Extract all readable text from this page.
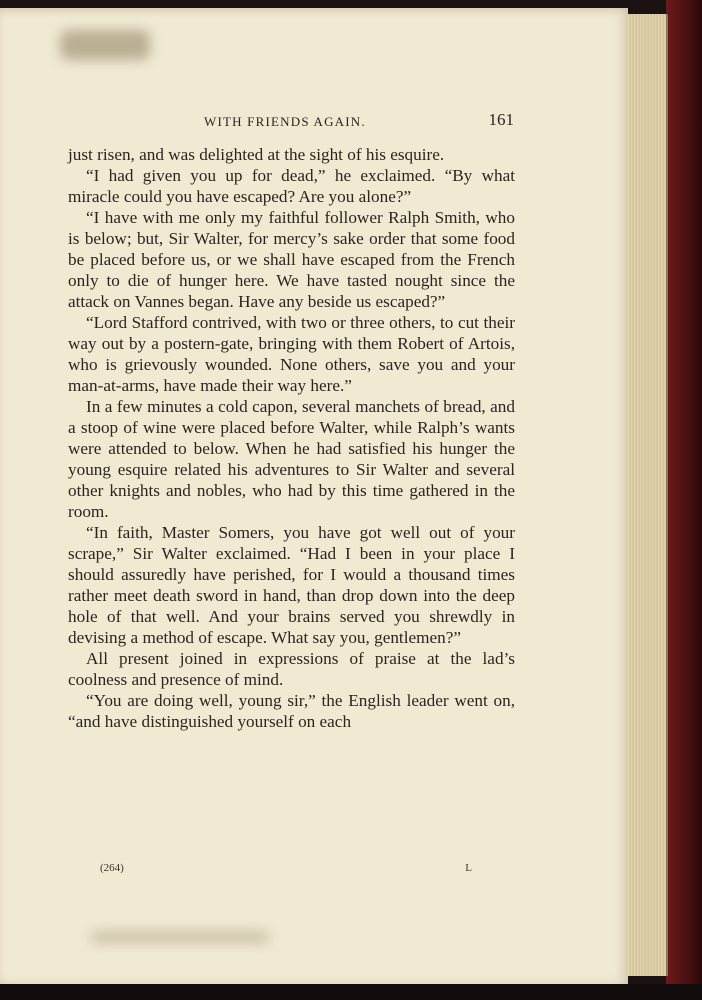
WITH FRIENDS AGAIN.	161

just risen, and was delighted at the sight of his esquire.

“I had given you up for dead,” he exclaimed. “By what miracle could you have escaped? Are you alone?”

“I have with me only my faithful follower Ralph Smith, who is below; but, Sir Walter, for mercy’s sake order that some food be placed before us, or we shall have escaped from the French only to die of hunger here. We have tasted nought since the attack on Vannes began. Have any beside us escaped?”

“Lord Stafford contrived, with two or three others, to cut their way out by a postern-gate, bringing with them Robert of Artois, who is grievously wounded. None others, save you and your man-at-arms, have made their way here.”

In a few minutes a cold capon, several manchets of bread, and a stoop of wine were placed before Walter, while Ralph’s wants were attended to below. When he had satisfied his hunger the young esquire related his adventures to Sir Walter and several other knights and nobles, who had by this time gathered in the room.

“In faith, Master Somers, you have got well out of your scrape,” Sir Walter exclaimed. “Had I been in your place I should assuredly have perished, for I would a thousand times rather meet death sword in hand, than drop down into the deep hole of that well. And your brains served you shrewdly in devising a method of escape. What say you, gentlemen?”

All present joined in expressions of praise at the lad’s coolness and presence of mind.

“You are doing well, young sir,” the English leader went on, “and have distinguished yourself on each

(264)	L
